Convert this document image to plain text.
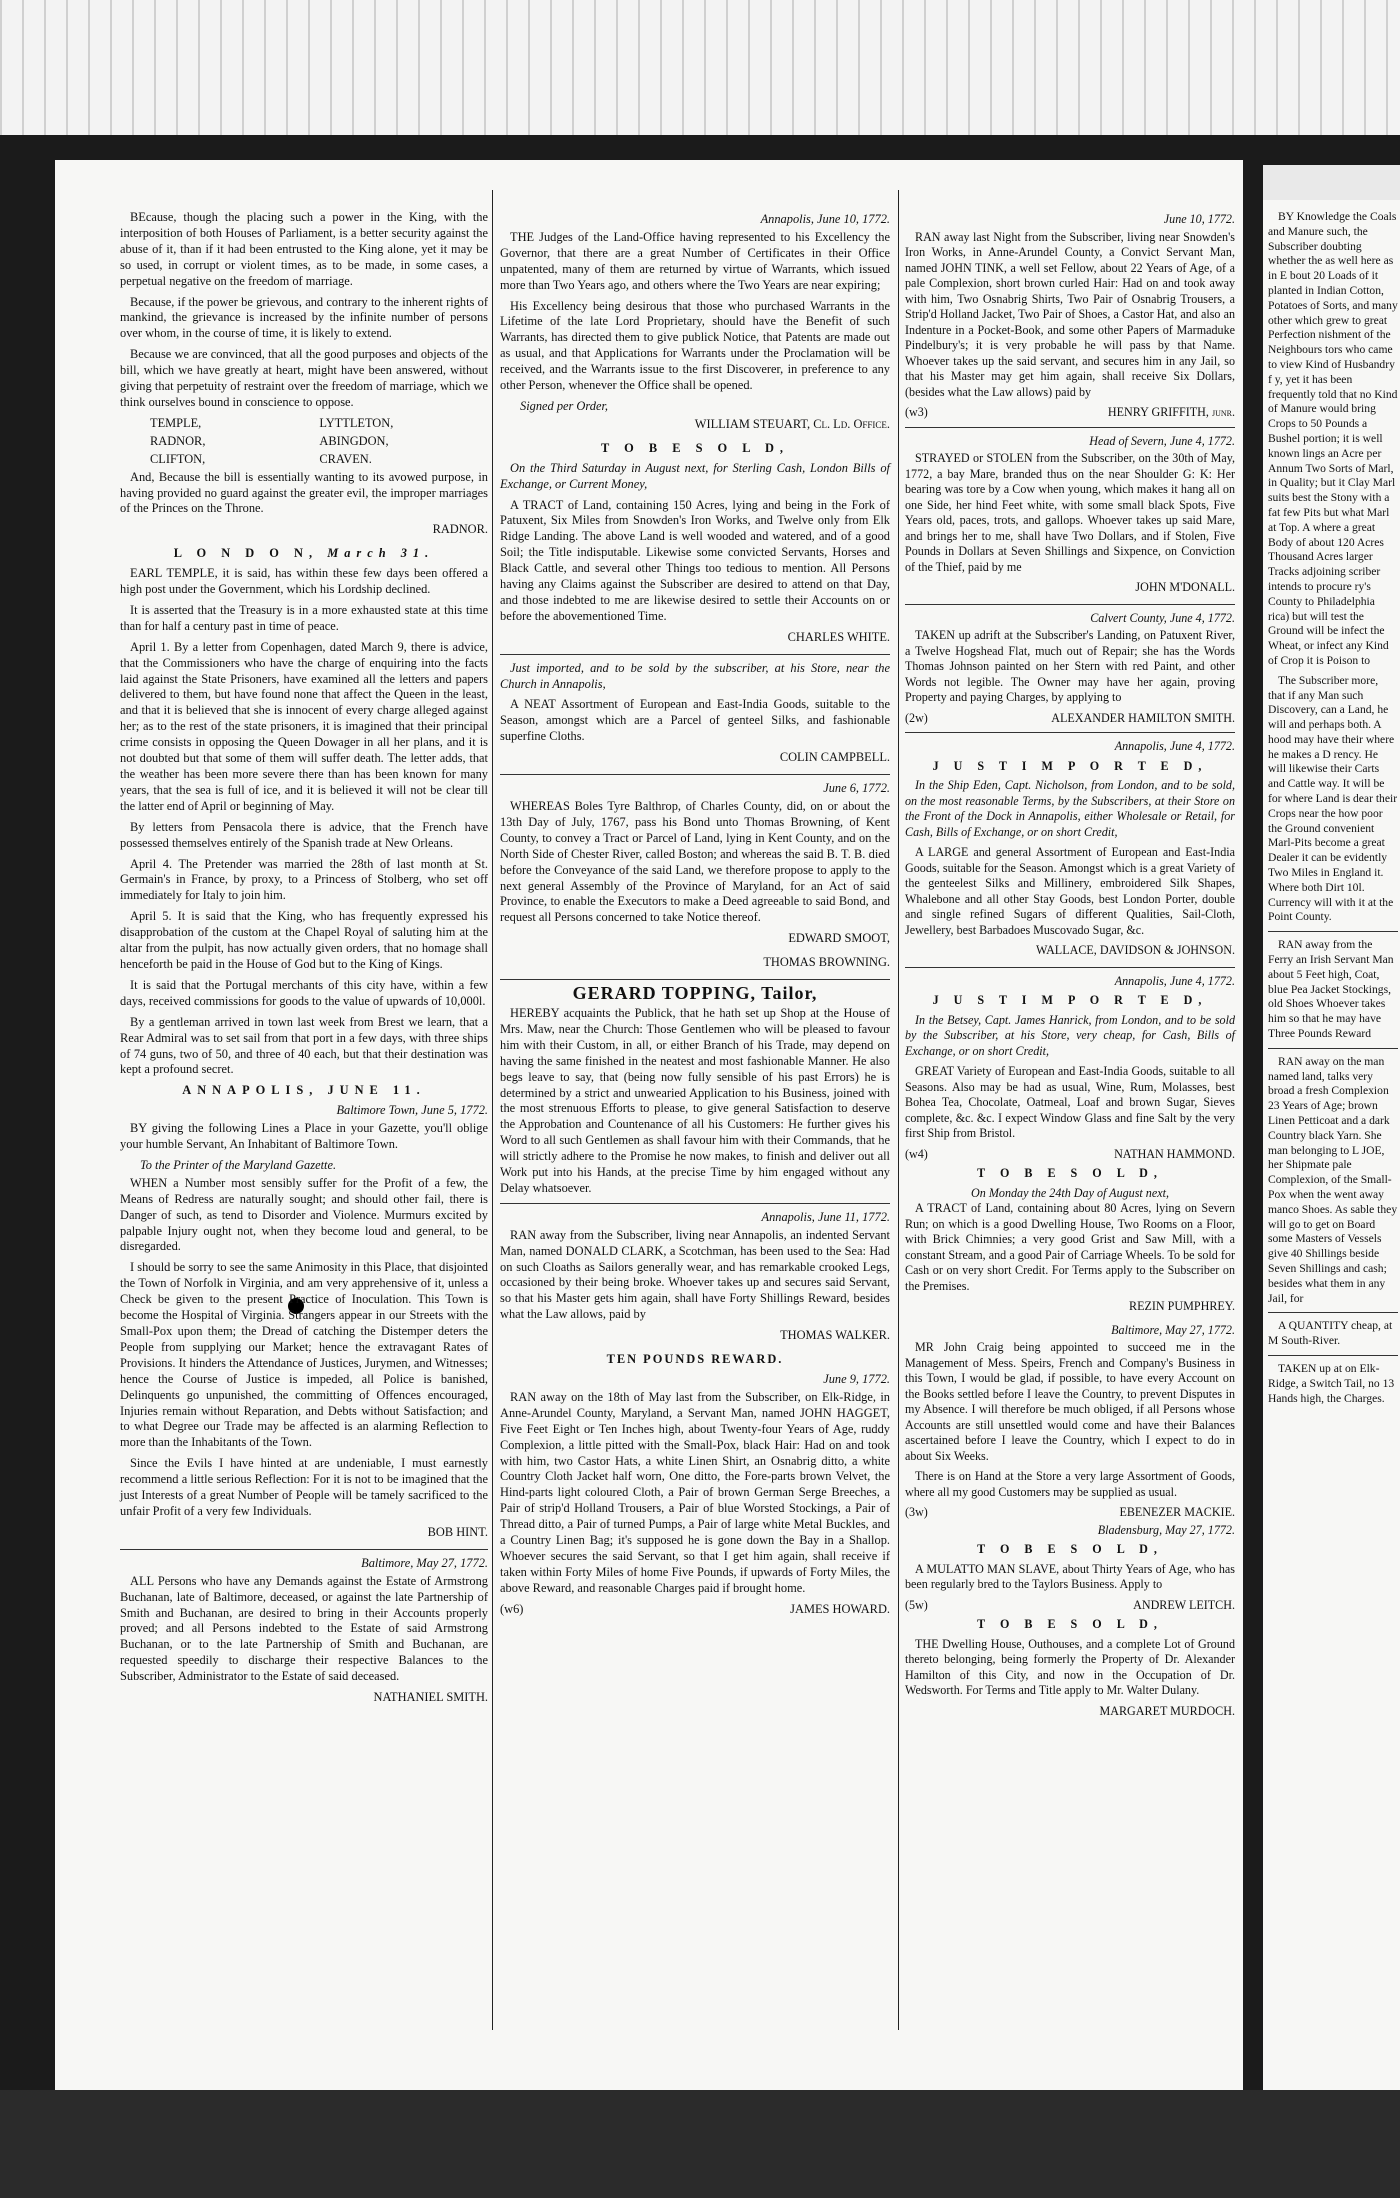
BEcause, though the placing such a power in the King, with the interposition of both Houses of Parliament, is a better security against the abuse of it, than if it had been entrusted to the King alone, yet it may be so used, in corrupt or violent times, as to be made, in some cases, a perpetual negative on the freedom of marriage.

Because, if the power be grievous, and contrary to the inherent rights of mankind, the grievance is increased by the infinite number of persons over whom, in the course of time, it is likely to extend.

Because we are convinced, that all the good purposes and objects of the bill, which we have greatly at heart, might have been answered, without giving that perpetuity of restraint over the freedom of marriage, which we think ourselves bound in conscience to oppose.

TEMPLE,	LYTTLETON,
RADNOR,	ABINGDON,
CLIFTON,	CRAVEN.

And, Because the bill is essentially wanting to its avowed purpose, in having provided no guard against the greater evil, the improper marriages of the Princes on the Throne.

RADNOR.
L O N D O N, March 31.

EARL TEMPLE, it is said, has within these few days been offered a high post under the Government, which his Lordship declined.

It is asserted that the Treasury is in a more exhausted state at this time than for half a century past in time of peace.

April 1. By a letter from Copenhagen, dated March 9, there is advice, that the Commissioners who have the charge of enquiring into the facts laid against the State Prisoners, have examined all the letters and papers delivered to them, but have found none that affect the Queen in the least, and that it is believed that she is innocent of every charge alleged against her; as to the rest of the state prisoners, it is imagined that their principal crime consists in opposing the Queen Dowager in all her plans, and it is not doubted but that some of them will suffer death. The letter adds, that the weather has been more severe there than has been known for many years, that the sea is full of ice, and it is believed it will not be clear till the latter end of April or beginning of May.

By letters from Pensacola there is advice, that the French have possessed themselves entirely of the Spanish trade at New Orleans.

April 4. The Pretender was married the 28th of last month at St. Germain's in France, by proxy, to a Princess of Stolberg, who set off immediately for Italy to join him.

April 5. It is said that the King, who has frequently expressed his disapprobation of the custom at the Chapel Royal of saluting him at the altar from the pulpit, has now actually given orders, that no homage shall henceforth be paid in the House of God but to the King of Kings.

It is said that the Portugal merchants of this city have, within a few days, received commissions for goods to the value of upwards of 10,000l.

By a gentleman arrived in town last week from Brest we learn, that a Rear Admiral was to set sail from that port in a few days, with three ships of 74 guns, two of 50, and three of 40 each, but that their destination was kept a profound secret.

ANNAPOLIS, JUNE 11.
Baltimore Town, June 5, 1772.

BY giving the following Lines a Place in your Gazette, you'll oblige your humble Servant, An Inhabitant of Baltimore Town.

To the Printer of the Maryland Gazette.

WHEN a Number most sensibly suffer for the Profit of a few, the Means of Redress are naturally sought; and should other fail, there is Danger of such, as tend to Disorder and Violence. Murmurs excited by palpable Injury ought not, when they become loud and general, to be disregarded.

I should be sorry to see the same Animosity in this Place, that disjointed the Town of Norfolk in Virginia, and am very apprehensive of it, unless a Check be given to the present Practice of Inoculation. This Town is become the Hospital of Virginia. Strangers appear in our Streets with the Small-Pox upon them; the Dread of catching the Distemper deters the People from supplying our Market; hence the extravagant Rates of Provisions. It hinders the Attendance of Justices, Jurymen, and Witnesses; hence the Course of Justice is impeded, all Police is banished, Delinquents go unpunished, the committing of Offences encouraged, Injuries remain without Reparation, and Debts without Satisfaction; and to what Degree our Trade may be affected is an alarming Reflection to more than the Inhabitants of the Town.

Since the Evils I have hinted at are undeniable, I must earnestly recommend a little serious Reflection: For it is not to be imagined that the just Interests of a great Number of People will be tamely sacrificed to the unfair Profit of a very few Individuals.

BOB HINT.
Baltimore, May 27, 1772.

ALL Persons who have any Demands against the Estate of Armstrong Buchanan, late of Baltimore, deceased, or against the late Partnership of Smith and Buchanan, are desired to bring in their Accounts properly proved; and all Persons indebted to the Estate of said Armstrong Buchanan, or to the late Partnership of Smith and Buchanan, are requested speedily to discharge their respective Balances to the Subscriber, Administrator to the Estate of said deceased.

NATHANIEL SMITH.
Annapolis, June 10, 1772.

THE Judges of the Land-Office having represented to his Excellency the Governor, that there are a great Number of Certificates in their Office unpatented, many of them are returned by virtue of Warrants, which issued more than Two Years ago, and others where the Two Years are near expiring;

His Excellency being desirous that those who purchased Warrants in the Lifetime of the late Lord Proprietary, should have the Benefit of such Warrants, has directed them to give publick Notice, that Patents are made out as usual, and that Applications for Warrants under the Proclamation will be received, and the Warrants issue to the first Discoverer, in preference to any other Person, whenever the Office shall be opened.

Signed per Order,
WILLIAM STEUART, Cl. Ld. Office.
T O B E S O L D,

On the Third Saturday in August next, for Sterling Cash, London Bills of Exchange, or Current Money,

A TRACT of Land, containing 150 Acres, lying and being in the Fork of Patuxent, Six Miles from Snowden's Iron Works, and Twelve only from Elk Ridge Landing. The above Land is well wooded and watered, and of a good Soil; the Title indisputable. Likewise some convicted Servants, Horses and Black Cattle, and several other Things too tedious to mention. All Persons having any Claims against the Subscriber are desired to attend on that Day, and those indebted to me are likewise desired to settle their Accounts on or before the abovementioned Time.

CHARLES WHITE.

Just imported, and to be sold by the subscriber, at his Store, near the Church in Annapolis,

A NEAT Assortment of European and East-India Goods, suitable to the Season, amongst which are a Parcel of genteel Silks, and fashionable superfine Cloths.

COLIN CAMPBELL.
June 6, 1772.

WHEREAS Boles Tyre Balthrop, of Charles County, did, on or about the 13th Day of July, 1767, pass his Bond unto Thomas Browning, of Kent County, to convey a Tract or Parcel of Land, lying in Kent County, and on the North Side of Chester River, called Boston; and whereas the said B. T. B. died before the Conveyance of the said Land, we therefore propose to apply to the next general Assembly of the Province of Maryland, for an Act of said Province, to enable the Executors to make a Deed agreeable to said Bond, and request all Persons concerned to take Notice thereof.

EDWARD SMOOT,
THOMAS BROWNING.
GERARD TOPPING, Tailor,

HEREBY acquaints the Publick, that he hath set up Shop at the House of Mrs. Maw, near the Church: Those Gentlemen who will be pleased to favour him with their Custom, in all, or either Branch of his Trade, may depend on having the same finished in the neatest and most fashionable Manner. He also begs leave to say, that (being now fully sensible of his past Errors) he is determined by a strict and unwearied Application to his Business, joined with the most strenuous Efforts to please, to give general Satisfaction to deserve the Approbation and Countenance of all his Customers: He further gives his Word to all such Gentlemen as shall favour him with their Commands, that he will strictly adhere to the Promise he now makes, to finish and deliver out all Work put into his Hands, at the precise Time by him engaged without any Delay whatsoever.

Annapolis, June 11, 1772.

RAN away from the Subscriber, living near Annapolis, an indented Servant Man, named DONALD CLARK, a Scotchman, has been used to the Sea: Had on such Cloaths as Sailors generally wear, and has remarkable crooked Legs, occasioned by their being broke. Whoever takes up and secures said Servant, so that his Master gets him again, shall have Forty Shillings Reward, besides what the Law allows, paid by

THOMAS WALKER.
TEN POUNDS REWARD.
June 9, 1772.

RAN away on the 18th of May last from the Subscriber, on Elk-Ridge, in Anne-Arundel County, Maryland, a Servant Man, named JOHN HAGGET, Five Feet Eight or Ten Inches high, about Twenty-four Years of Age, ruddy Complexion, a little pitted with the Small-Pox, black Hair: Had on and took with him, two Castor Hats, a white Linen Shirt, an Osnabrig ditto, a white Country Cloth Jacket half worn, One ditto, the Fore-parts brown Velvet, the Hind-parts light coloured Cloth, a Pair of brown German Serge Breeches, a Pair of strip'd Holland Trousers, a Pair of blue Worsted Stockings, a Pair of Thread ditto, a Pair of turned Pumps, a Pair of large white Metal Buckles, and a Country Linen Bag; it's supposed he is gone down the Bay in a Shallop. Whoever secures the said Servant, so that I get him again, shall receive if taken within Forty Miles of home Five Pounds, if upwards of Forty Miles, the above Reward, and reasonable Charges paid if brought home.

(w6)	JAMES HOWARD.
June 10, 1772.

RAN away last Night from the Subscriber, living near Snowden's Iron Works, in Anne-Arundel County, a Convict Servant Man, named JOHN TINK, a well set Fellow, about 22 Years of Age, of a pale Complexion, short brown curled Hair: Had on and took away with him, Two Osnabrig Shirts, Two Pair of Osnabrig Trousers, a Strip'd Holland Jacket, Two Pair of Shoes, a Castor Hat, and also an Indenture in a Pocket-Book, and some other Papers of Marmaduke Pindelbury's; it is very probable he will pass by that Name. Whoever takes up the said servant, and secures him in any Jail, so that his Master may get him again, shall receive Six Dollars, (besides what the Law allows) paid by

(w3)	HENRY GRIFFITH, junr.
Head of Severn, June 4, 1772.

STRAYED or STOLEN from the Subscriber, on the 30th of May, 1772, a bay Mare, branded thus on the near Shoulder G: K: Her bearing was tore by a Cow when young, which makes it hang all on one Side, her hind Feet white, with some small black Spots, Five Years old, paces, trots, and gallops. Whoever takes up said Mare, and brings her to me, shall have Two Dollars, and if Stolen, Five Pounds in Dollars at Seven Shillings and Sixpence, on Conviction of the Thief, paid by me

JOHN M'DONALL.
Calvert County, June 4, 1772.

TAKEN up adrift at the Subscriber's Landing, on Patuxent River, a Twelve Hogshead Flat, much out of Repair; she has the Words Thomas Johnson painted on her Stern with red Paint, and other Words not legible. The Owner may have her again, proving Property and paying Charges, by applying to

(2w)	ALEXANDER HAMILTON SMITH.
Annapolis, June 4, 1772.
J U S T I M P O R T E D,

In the Ship Eden, Capt. Nicholson, from London, and to be sold, on the most reasonable Terms, by the Subscribers, at their Store on the Front of the Dock in Annapolis, either Wholesale or Retail, for Cash, Bills of Exchange, or on short Credit,

A LARGE and general Assortment of European and East-India Goods, suitable for the Season. Amongst which is a great Variety of the genteelest Silks and Millinery, embroidered Silk Shapes, Whalebone and all other Stay Goods, best London Porter, double and single refined Sugars of different Qualities, Sail-Cloth, Jewellery, best Barbadoes Muscovado Sugar, &c.

WALLACE, DAVIDSON & JOHNSON.
Annapolis, June 4, 1772.
J U S T I M P O R T E D,

In the Betsey, Capt. James Hanrick, from London, and to be sold by the Subscriber, at his Store, very cheap, for Cash, Bills of Exchange, or on short Credit,

GREAT Variety of European and East-India Goods, suitable to all Seasons. Also may be had as usual, Wine, Rum, Molasses, best Bohea Tea, Chocolate, Oatmeal, Loaf and brown Sugar, Sieves complete, &c. &c. I expect Window Glass and fine Salt by the very first Ship from Bristol.

(w4)	NATHAN HAMMOND.
T O B E S O L D,
On Monday the 24th Day of August next,

A TRACT of Land, containing about 80 Acres, lying on Severn Run; on which is a good Dwelling House, Two Rooms on a Floor, with Brick Chimnies; a very good Grist and Saw Mill, with a constant Stream, and a good Pair of Carriage Wheels. To be sold for Cash or on very short Credit. For Terms apply to the Subscriber on the Premises.

REZIN PUMPHREY.
Baltimore, May 27, 1772.

MR John Craig being appointed to succeed me in the Management of Mess. Speirs, French and Company's Business in this Town, I would be glad, if possible, to have every Account on the Books settled before I leave the Country, to prevent Disputes in my Absence. I will therefore be much obliged, if all Persons whose Accounts are still unsettled would come and have their Balances ascertained before I leave the Country, which I expect to do in about Six Weeks.

There is on Hand at the Store a very large Assortment of Goods, where all my good Customers may be supplied as usual.

(3w)	EBENEZER MACKIE.
Bladensburg, May 27, 1772.
T O B E S O L D,

A MULATTO MAN SLAVE, about Thirty Years of Age, who has been regularly bred to the Taylors Business. Apply to

(5w)	ANDREW LEITCH.
T O B E S O L D,

THE Dwelling House, Outhouses, and a complete Lot of Ground thereto belonging, being formerly the Property of Dr. Alexander Hamilton of this City, and now in the Occupation of Dr. Wedsworth. For Terms and Title apply to Mr. Walter Dulany.

MARGARET MURDOCH.

BY Knowledge the Coals and Manure such, the Subscriber doubting whether the as well here as in E bout 20 Loads of it planted in Indian Cotton, Potatoes of Sorts, and many other which grew to great Perfection nishment of the Neighbours tors who came to view Kind of Husbandry f y, yet it has been frequently told that no Kind of Manure would bring Crops to 50 Pounds a Bushel portion; it is well known lings an Acre per Annum Two Sorts of Marl, in Quality; but it Clay Marl suits best the Stony with a fat few Pits but what Marl at Top. A where a great Body of about 120 Acres Thousand Acres larger Tracks adjoining scriber intends to procure ry's County to Philadelphia rica) but will test the Ground will be infect the Wheat, or infect any Kind of Crop it is Poison to

The Subscriber more, that if any Man such Discovery, can a Land, he will and perhaps both. A hood may have their where he makes a D rency. He will likewise their Carts and Cattle way. It will be for where Land is dear their Crops near the how poor the Ground convenient Marl-Pits become a great Dealer it can be evidently Two Miles in England it. Where both Dirt 10l. Currency will with it at the Point County.

RAN away from the Ferry an Irish Servant Man about 5 Feet high, Coat, blue Pea Jacket Stockings, old Shoes Whoever takes him so that he may have Three Pounds Reward

RAN away on the man named land, talks very broad a fresh Complexion 23 Years of Age; brown Linen Petticoat and a dark Country black Yarn. She man belonging to L JOE, her Shipmate pale Complexion, of the Small-Pox when the went away manco Shoes. As sable they will go to get on Board some Masters of Vessels give 40 Shillings beside Seven Shillings and cash; besides what them in any Jail, for

A QUANTITY cheap, at M South-River.

TAKEN up at on Elk-Ridge, a Switch Tail, no 13 Hands high, the Charges.
